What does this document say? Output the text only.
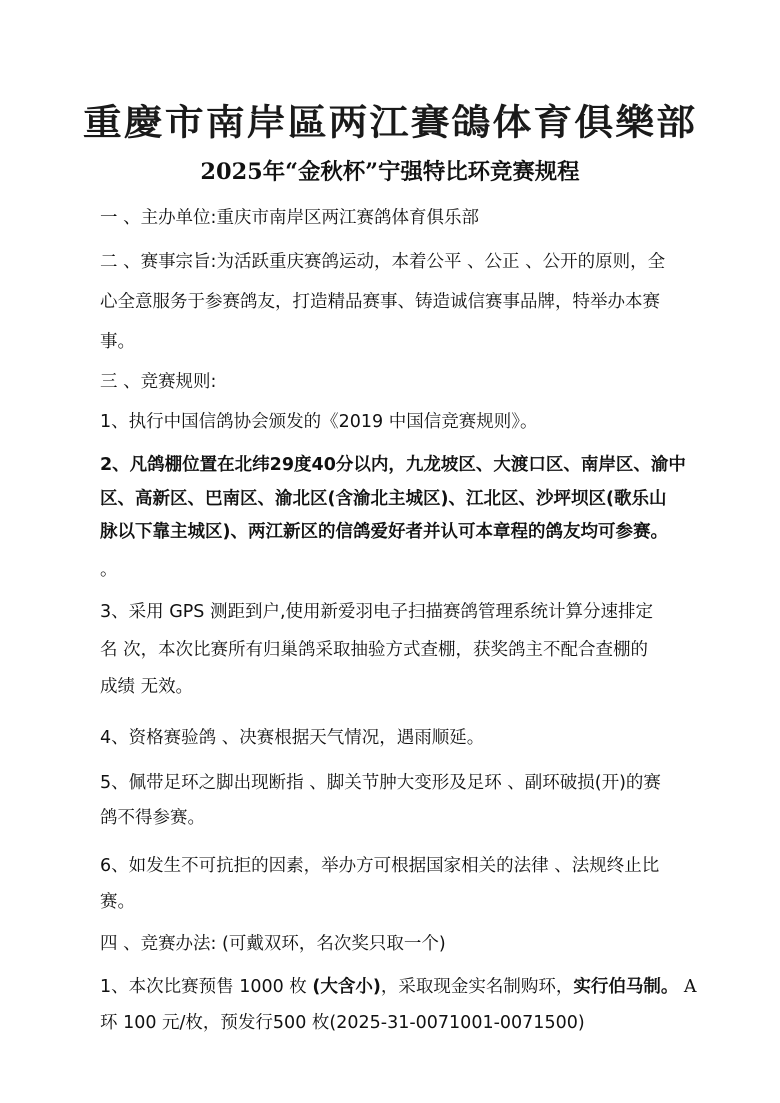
重慶市南岸區两江賽鴿体育俱樂部
2025年“金秋杯”宁强特比环竞赛规程
一 、主办单位:重庆市南岸区两江赛鸽体育俱乐部
二 、赛事宗旨:为活跃重庆赛鸽运动，本着公平 、公正 、公开的原则，全
心全意服务于参赛鸽友，打造精品赛事、铸造诚信赛事品牌，特举办本赛
事。
三 、竞赛规则:
1、执行中国信鸽协会颁发的《2019 中国信竞赛规则》。
2、凡鸽棚位置在北纬29度40分以内，九龙坡区、大渡口区、南岸区、渝中
区、高新区、巴南区、渝北区(含渝北主城区)、江北区、沙坪坝区(歌乐山
脉以下靠主城区)、两江新区的信鸽爱好者并认可本章程的鸽友均可参赛。
。
3、采用 GPS 测距到户,使用新爱羽电子扫描赛鸽管理系统计算分速排定
名 次，本次比赛所有归巢鸽采取抽验方式查棚，获奖鸽主不配合查棚的
成绩 无效。
4、资格赛验鸽 、决赛根据天气情况，遇雨顺延。
5、佩带足环之脚出现断指 、脚关节肿大变形及足环 、副环破损(开)的赛
鸽不得参赛。
6、如发生不可抗拒的因素，举办方可根据国家相关的法律 、法规终止比
赛。
四 、竞赛办法: (可戴双环，名次奖只取一个)
1、本次比赛预售 1000 枚 (大含小)，采取现金实名制购环，实行伯马制。 A
环 100 元/枚，预发行500 枚(2025-31-0071001-0071500)
